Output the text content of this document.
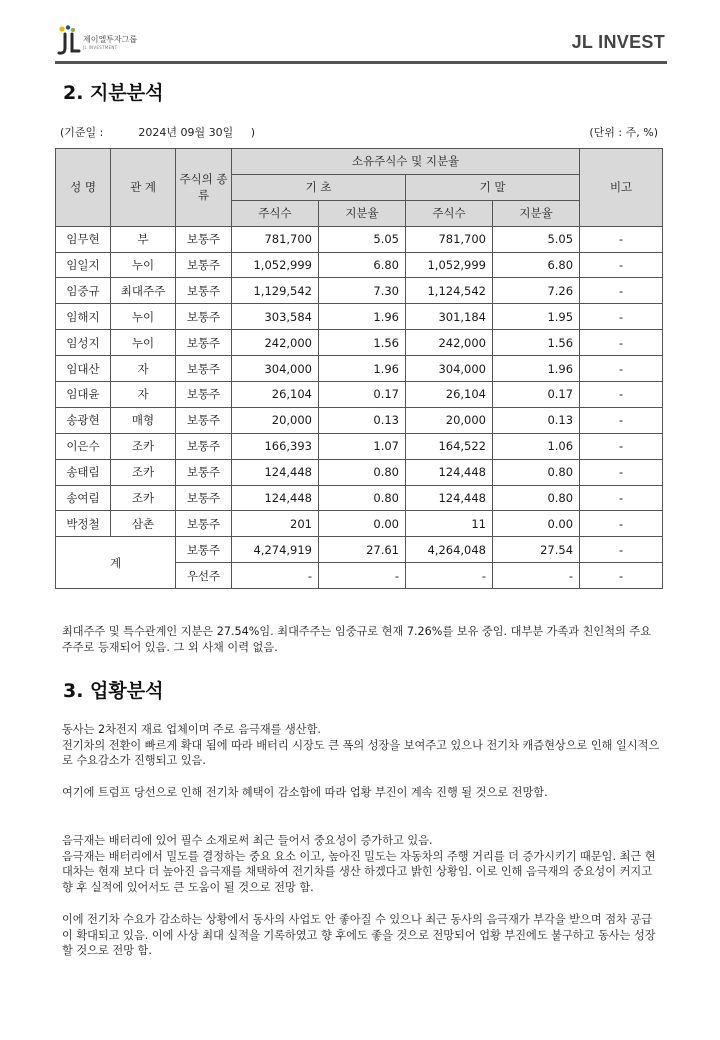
제이엘투자그룹
JL INVESTMENT	JL INVEST
2. 지분분석
(기준일 :	2024년 09월 30일 )	(단위 : 주, %)
성 명	관 계	주식의 종류	소유주식수 및 지분율				비고
			기 초		기 말		
			주식수	지분율	주식수	지분율	
임무현	부	보통주	781,700	5.05	781,700	5.05	-
임일지	누이	보통주	1,052,999	6.80	1,052,999	6.80	-
임중규	최대주주	보통주	1,129,542	7.30	1,124,542	7.26	-
임해지	누이	보통주	303,584	1.96	301,184	1.95	-
임성지	누이	보통주	242,000	1.56	242,000	1.56	-
임대산	자	보통주	304,000	1.96	304,000	1.96	-
임대윤	자	보통주	26,104	0.17	26,104	0.17	-
송광현	매형	보통주	20,000	0.13	20,000	0.13	-
이은수	조카	보통주	166,393	1.07	164,522	1.06	-
송태림	조카	보통주	124,448	0.80	124,448	0.80	-
송여림	조카	보통주	124,448	0.80	124,448	0.80	-
박정철	삼촌	보통주	201	0.00	11	0.00	-
계		보통주	4,274,919	27.61	4,264,048	27.54	-
		우선주	-	-	-	-	-

최대주주 및 특수관계인 지분은 27.54%임. 최대주주는 임중규로 현재 7.26%를 보유 중임. 대부분 가족과 친인척의 주요 주주로 등재되어 있음. 그 외 사채 이력 없음.

3. 업황분석
동사는 2차전지 재료 업체이며 주로 음극재를 생산함.
전기차의 전환이 빠르게 확대 됨에 따라 배터리 시장도 큰 폭의 성장을 보여주고 있으나 전기차 캐즘현상으로 인해 일시적으로 수요감소가 진행되고 있음.
여기에 트럼프 당선으로 인해 전기차 혜택이 감소함에 따라 업황 부진이 계속 진행 될 것으로 전망함.
음극재는 배터리에 있어 필수 소재로써 최근 들어서 중요성이 증가하고 있음.
음극재는 배터리에서 밀도를 결정하는 중요 요소 이고, 높아진 밀도는 자동차의 주행 거리를 더 증가시키기 때문임. 최근 현대차는 현재 보다 더 높아진 음극재를 채택하여 전기차를 생산 하겠다고 밝힌 상황임. 이로 인해 음극재의 중요성이 커지고 향 후 실적에 있어서도 큰 도움이 될 것으로 전망 함.
이에 전기차 수요가 감소하는 상황에서 동사의 사업도 안 좋아질 수 있으나 최근 동사의 음극재가 부각을 받으며 점차 공급이 확대되고 있음. 이에 사상 최대 실적을 기록하였고 향 후에도 좋을 것으로 전망되어 업황 부진에도 불구하고 동사는 성장 할 것으로 전망 함.
